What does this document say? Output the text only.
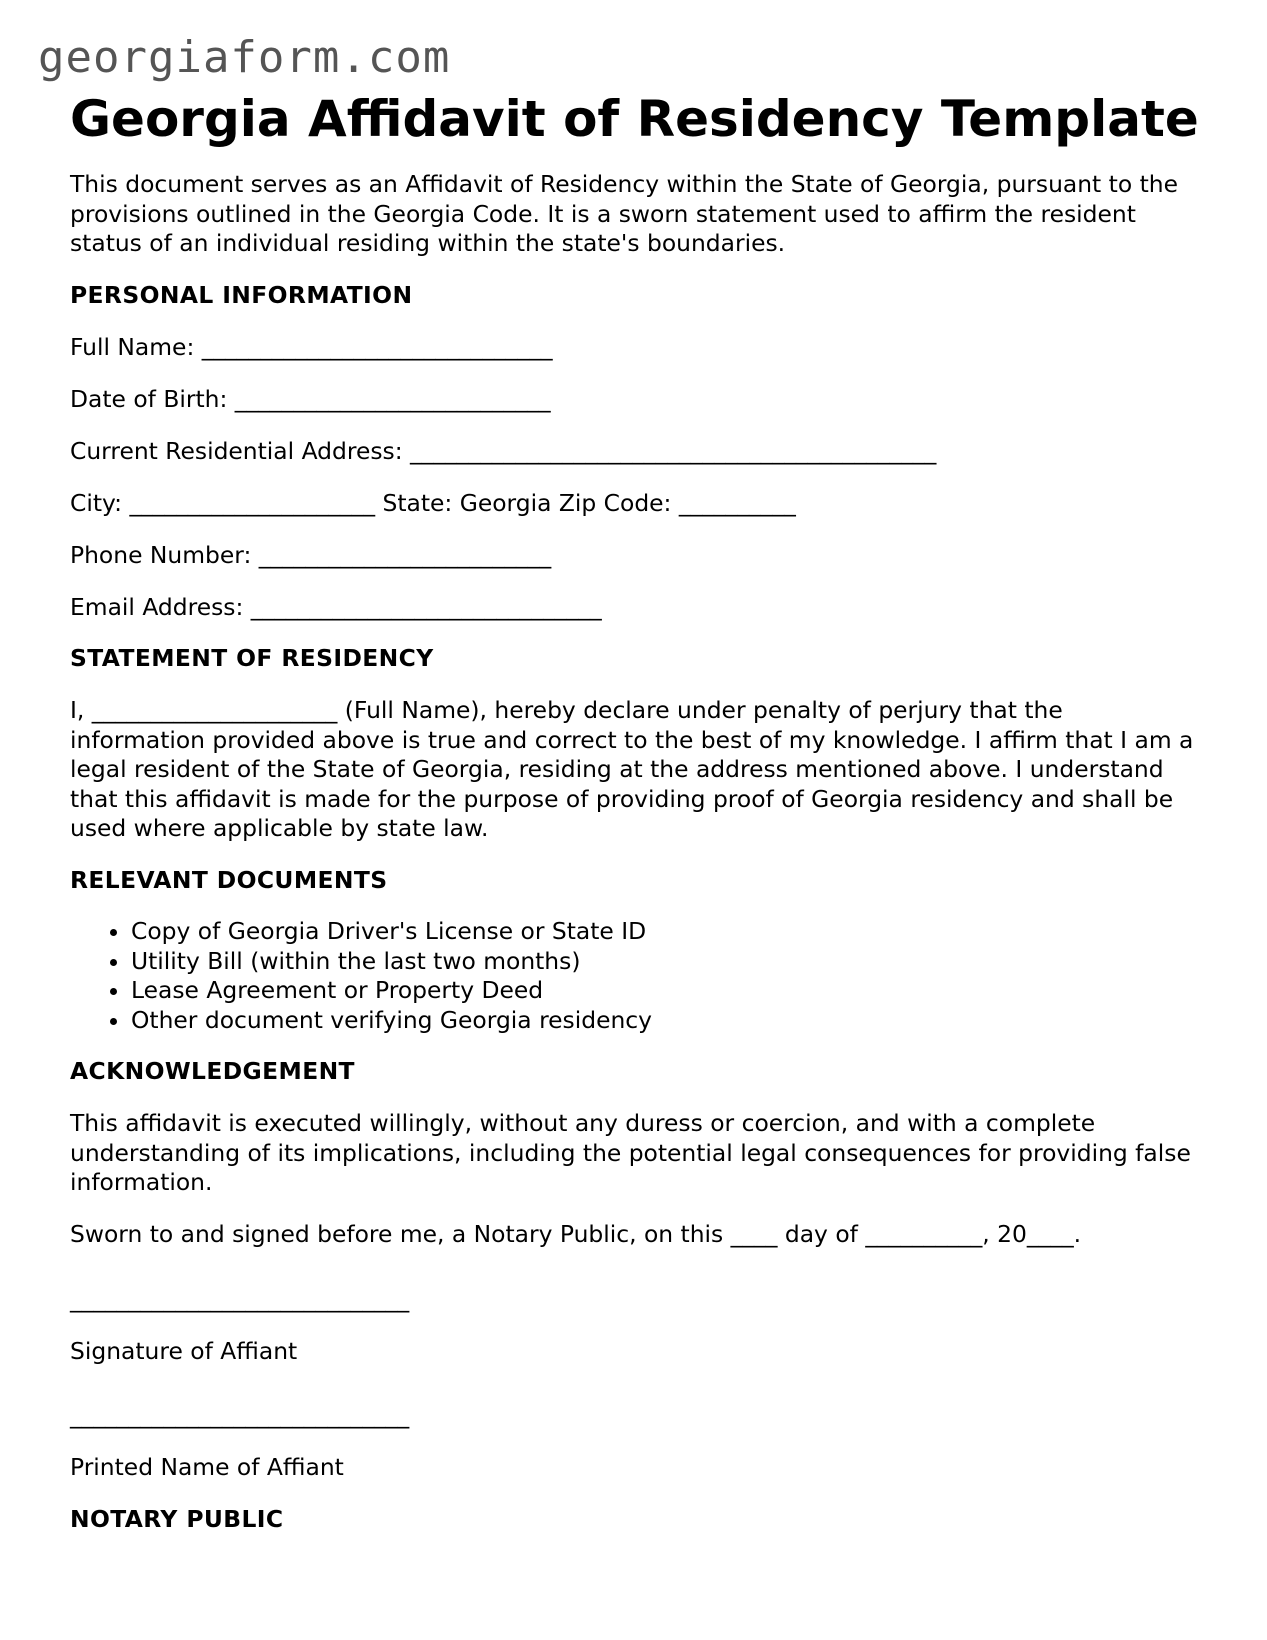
georgiaform.com
Georgia Affidavit of Residency Template

This document serves as an Affidavit of Residency within the State of Georgia, pursuant to the provisions outlined in the Georgia Code. It is a sworn statement used to affirm the resident status of an individual residing within the state's boundaries.

PERSONAL INFORMATION

Full Name: ______________________________

Date of Birth: ___________________________

Current Residential Address: _____________________________________________

City: _____________________ State: Georgia Zip Code: __________

Phone Number: _________________________

Email Address: ______________________________

STATEMENT OF RESIDENCY

I, _____________________ (Full Name), hereby declare under penalty of perjury that the information provided above is true and correct to the best of my knowledge. I affirm that I am a legal resident of the State of Georgia, residing at the address mentioned above. I understand that this affidavit is made for the purpose of providing proof of Georgia residency and shall be used where applicable by state law.

RELEVANT DOCUMENTS
• Copy of Georgia Driver's License or State ID
• Utility Bill (within the last two months)
• Lease Agreement or Property Deed
• Other document verifying Georgia residency
ACKNOWLEDGEMENT

This affidavit is executed willingly, without any duress or coercion, and with a complete understanding of its implications, including the potential legal consequences for providing false information.

Sworn to and signed before me, a Notary Public, on this ____ day of __________, 20____.

_____________________________

Signature of Affiant

_____________________________

Printed Name of Affiant

NOTARY PUBLIC
